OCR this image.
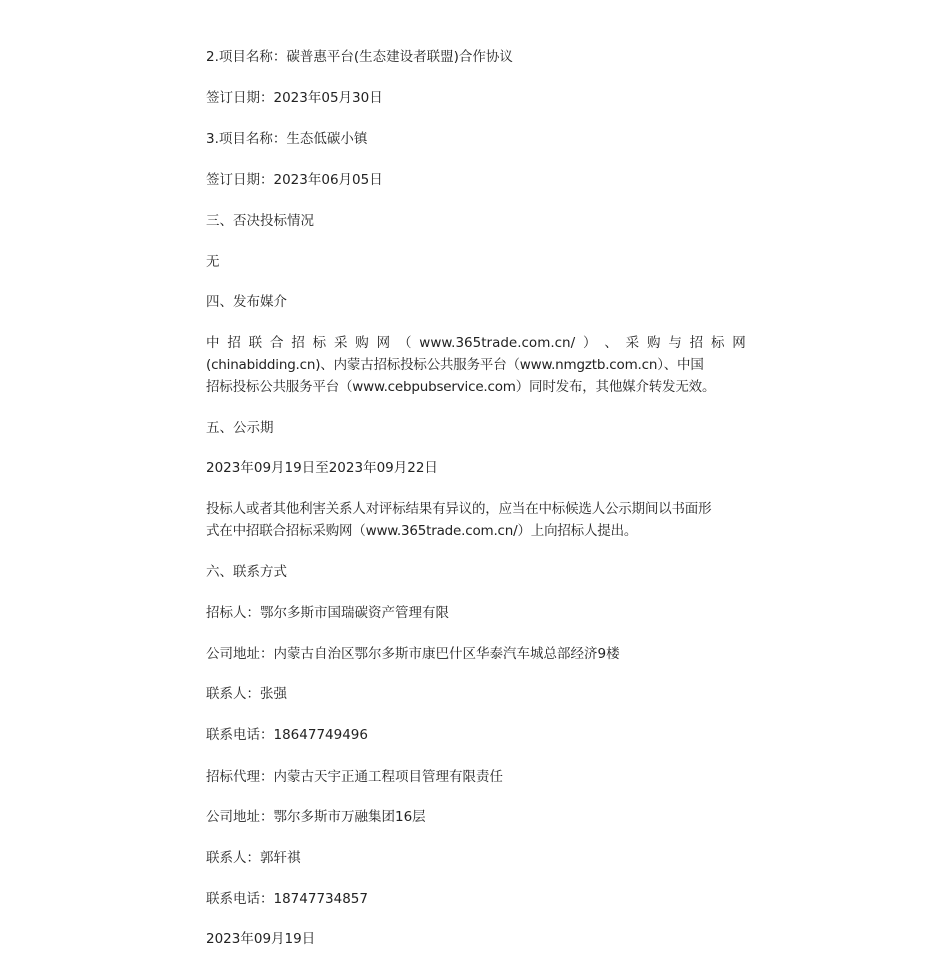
2.项目名称：碳普惠平台(生态建设者联盟)合作协议

签订日期：2023年05月30日

3.项目名称：生态低碳小镇

签订日期：2023年06月05日

三、否决投标情况

无

四、发布媒介

中 招 联 合 招 标 采 购 网 （ www.365trade.com.cn/ ） 、 采 购 与 招 标 网

(chinabidding.cn)、内蒙古招标投标公共服务平台（www.nmgztb.com.cn）、中国

招标投标公共服务平台（www.cebpubservice.com）同时发布，其他媒介转发无效。

五、公示期

2023年09月19日至2023年09月22日

投标人或者其他利害关系人对评标结果有异议的，应当在中标候选人公示期间以书面形

式在中招联合招标采购网（www.365trade.com.cn/）上向招标人提出。

六、联系方式

招标人：鄂尔多斯市国瑞碳资产管理有限

公司地址：内蒙古自治区鄂尔多斯市康巴什区华泰汽车城总部经济9楼

联系人：张强

联系电话：18647749496

招标代理：内蒙古天宇正通工程项目管理有限责任

公司地址：鄂尔多斯市万融集团16层

联系人：郭轩祺

联系电话：18747734857

2023年09月19日
